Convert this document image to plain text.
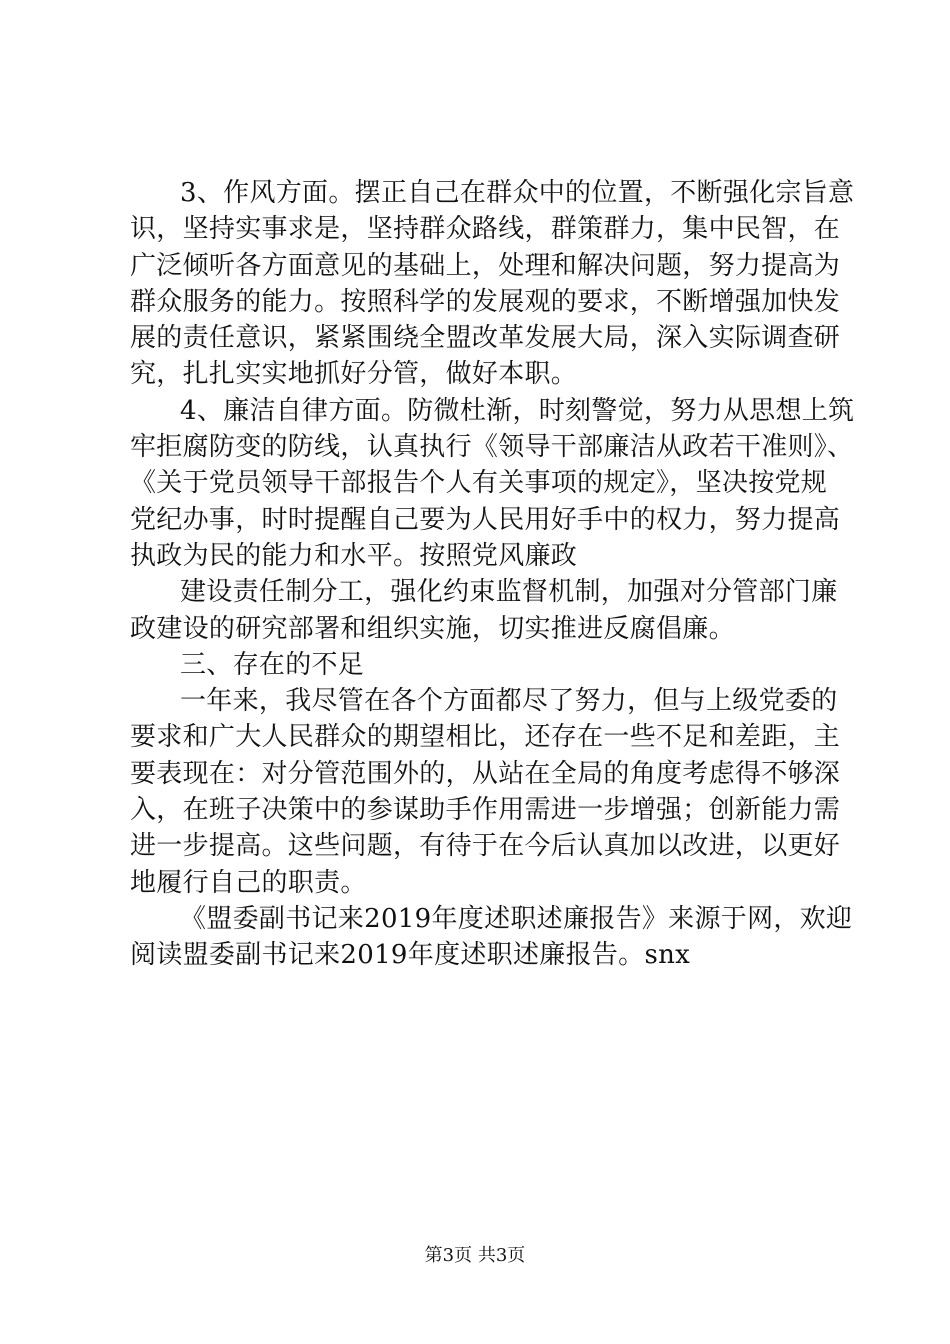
3、作风方面。摆正自己在群众中的位置，不断强化宗旨意
识，坚持实事求是，坚持群众路线，群策群力，集中民智，在
广泛倾听各方面意见的基础上，处理和解决问题，努力提高为
群众服务的能力。按照科学的发展观的要求，不断增强加快发
展的责任意识，紧紧围绕全盟改革发展大局，深入实际调查研
究，扎扎实实地抓好分管，做好本职。
4、廉洁自律方面。防微杜渐，时刻警觉，努力从思想上筑
牢拒腐防变的防线，认真执行《领导干部廉洁从政若干准则》、
《关于党员领导干部报告个人有关事项的规定》，坚决按党规
党纪办事，时时提醒自己要为人民用好手中的权力，努力提高
执政为民的能力和水平。按照党风廉政
建设责任制分工，强化约束监督机制，加强对分管部门廉
政建设的研究部署和组织实施，切实推进反腐倡廉。
三、存在的不足
一年来，我尽管在各个方面都尽了努力，但与上级党委的
要求和广大人民群众的期望相比，还存在一些不足和差距，主
要表现在：对分管范围外的，从站在全局的角度考虑得不够深
入，在班子决策中的参谋助手作用需进一步增强；创新能力需
进一步提高。这些问题，有待于在今后认真加以改进，以更好
地履行自己的职责。
《盟委副书记来2019年度述职述廉报告》来源于网，欢迎
阅读盟委副书记来2019年度述职述廉报告。snx
第3页 共3页
